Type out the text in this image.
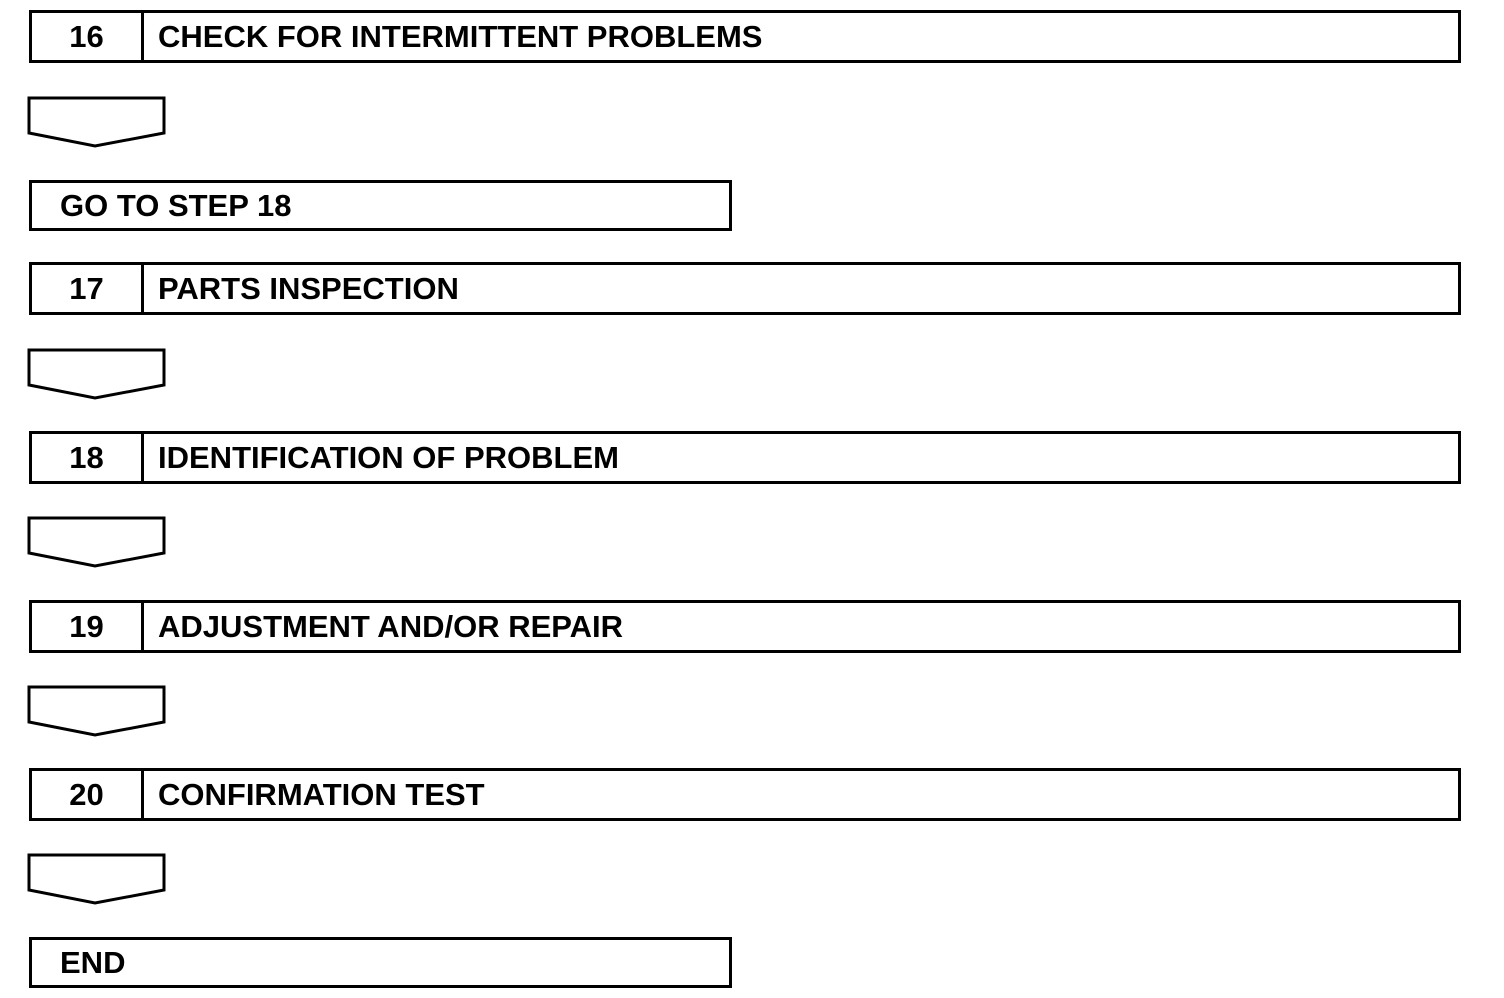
16	CHECK FOR INTERMITTENT PROBLEMS
GO TO STEP 18
17	PARTS INSPECTION
18	IDENTIFICATION OF PROBLEM
19	ADJUSTMENT AND/OR REPAIR
20	CONFIRMATION TEST
END
